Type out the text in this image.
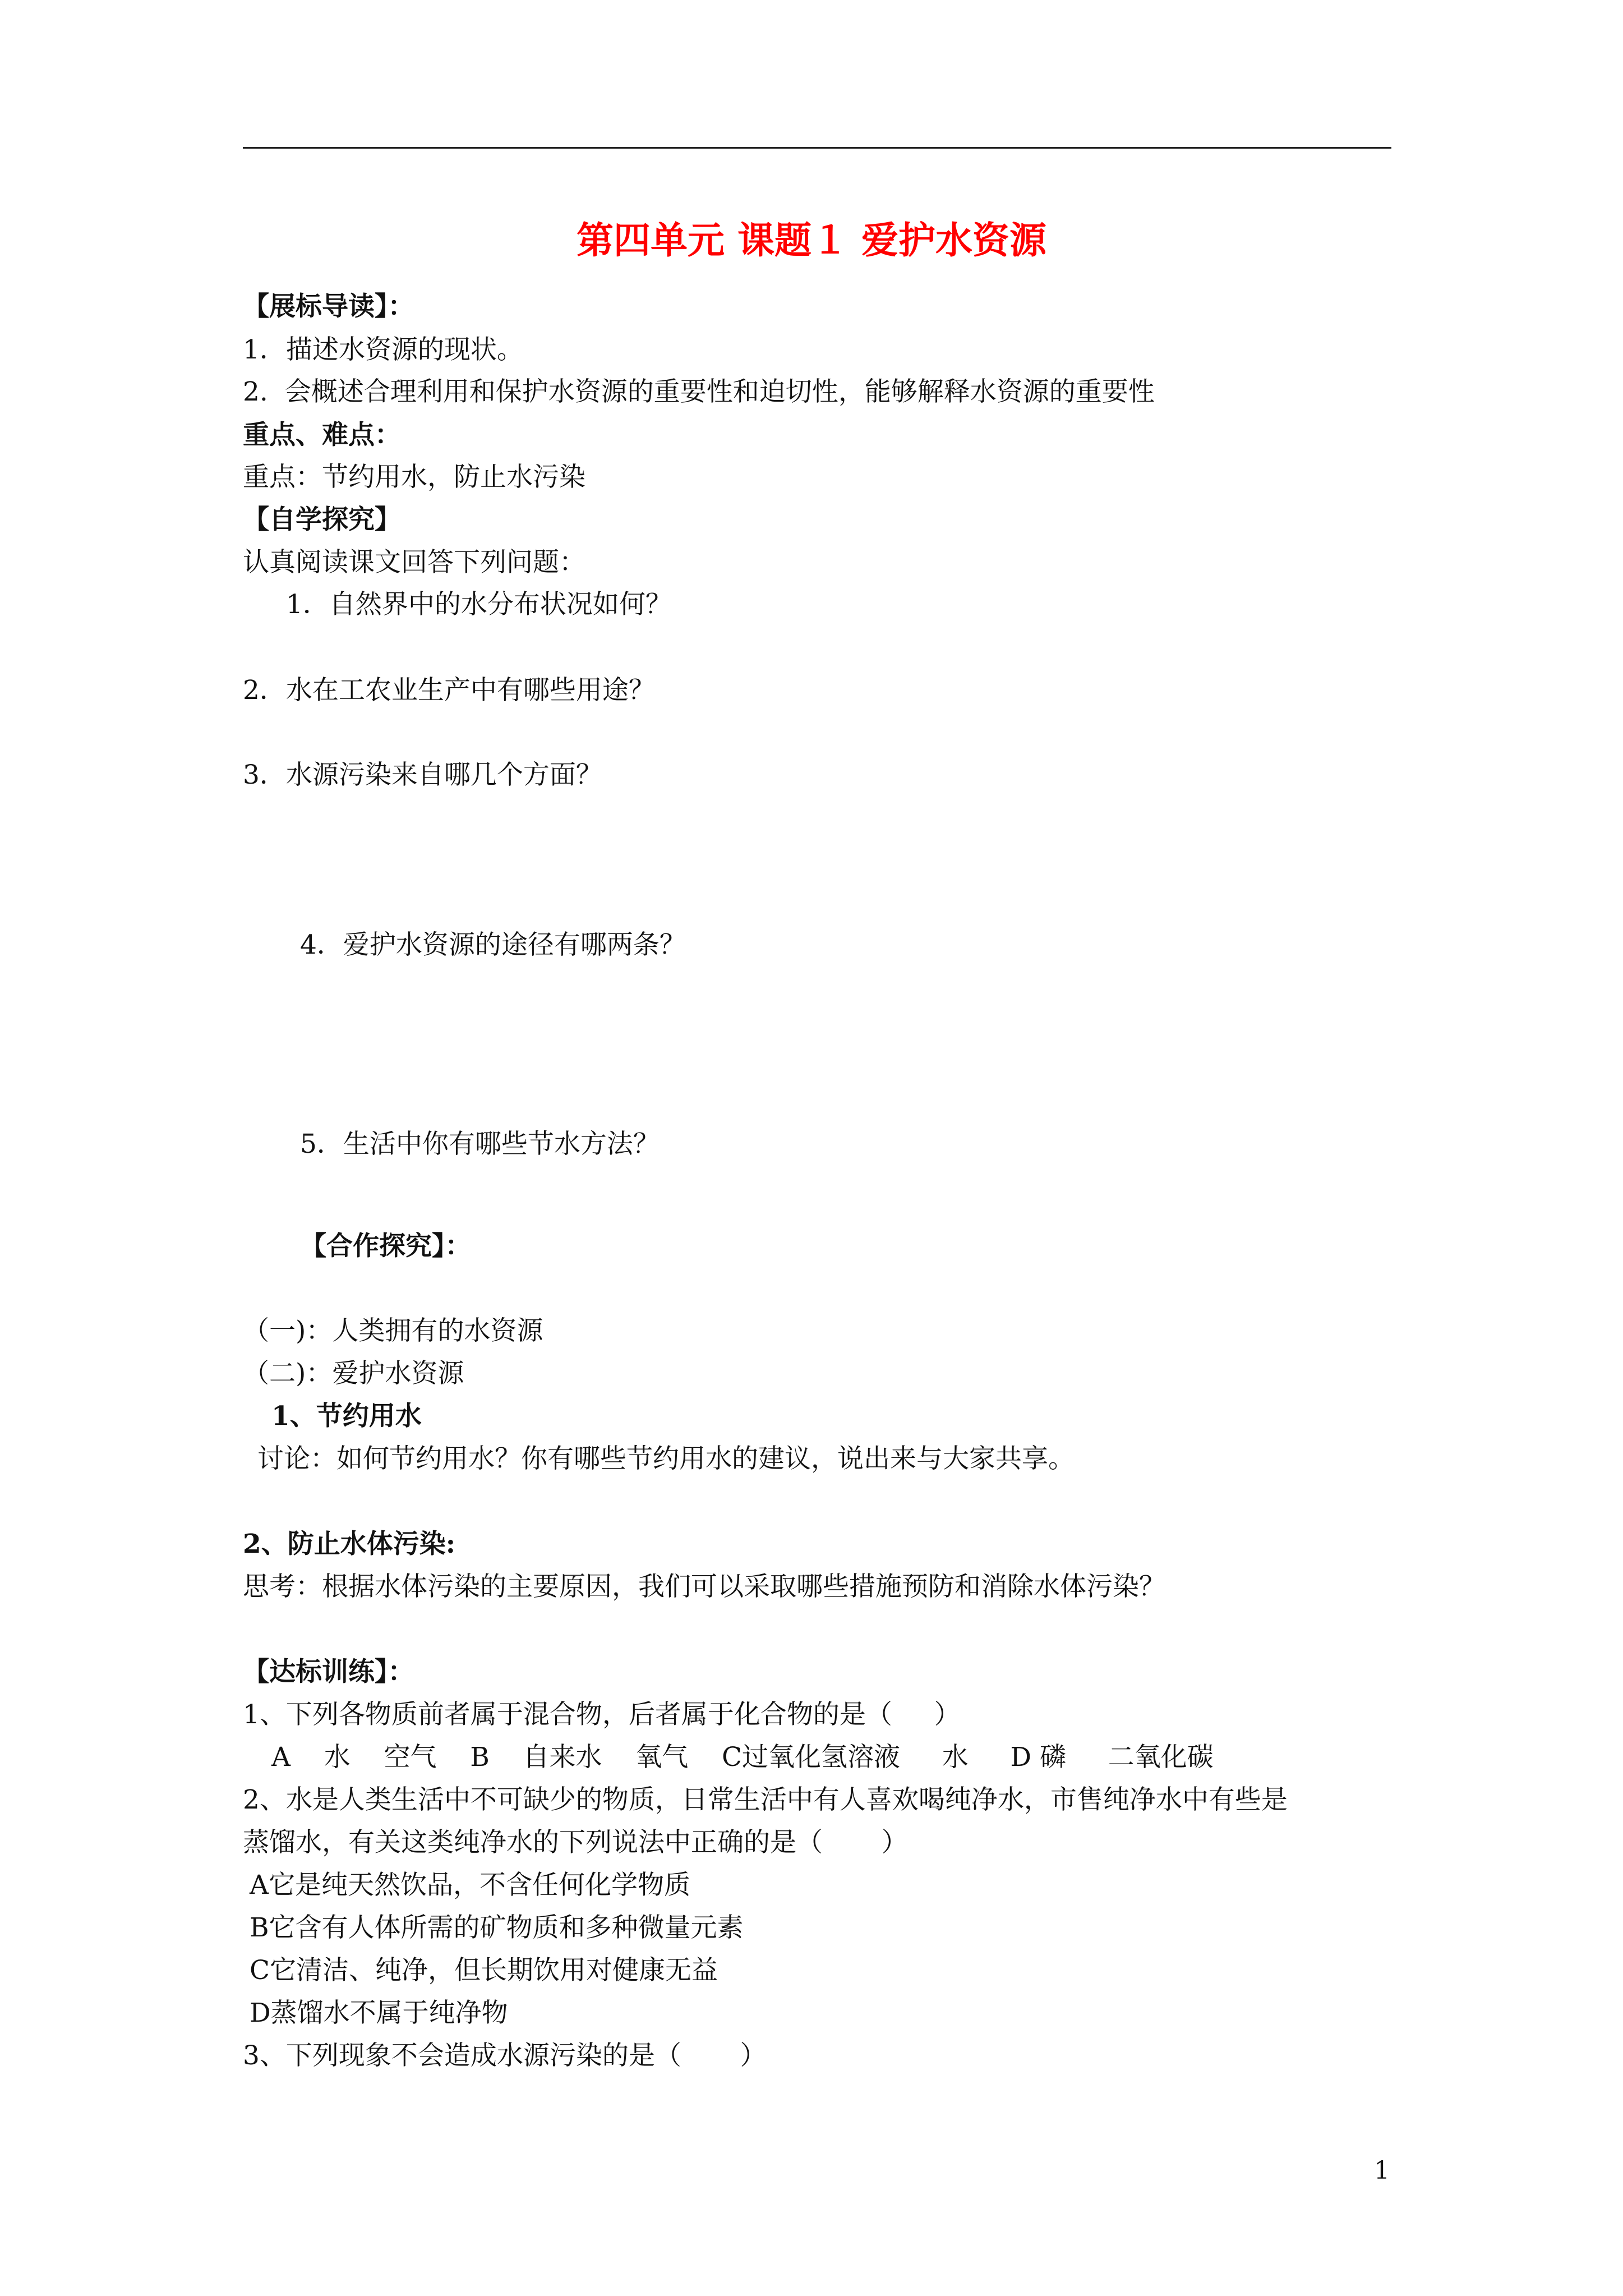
第四单元 课题１ 爱护水资源
【展标导读】：
1．描述水资源的现状。
2.  会概述合理利用和保护水资源的重要性和迫切性，能够解释水资源的重要性
重点、难点：
重点：节约用水，防止水污染
【自学探究】
认真阅读课文回答下列问题：
1．自然界中的水分布状况如何？
2．水在工农业生产中有哪些用途？
3．水源污染来自哪几个方面？
4．爱护水资源的途径有哪两条？
5．生活中你有哪些节水方法？
【合作探究】：
（一)：人类拥有的水资源
（二)：爱护水资源
1、节约用水
讨论：如何节约用水？你有哪些节约用水的建议，说出来与大家共享。
2、防止水体污染:
思考：根据水体污染的主要原因，我们可以采取哪些措施预防和消除水体污染？
【达标训练】：
1、下列各物质前者属于混合物，后者属于化合物的是（     ）
A    水    空气    B    自来水    氧气    C过氧化氢溶液     水     D 磷     二氧化碳
2、水是人类生活中不可缺少的物质，日常生活中有人喜欢喝纯净水，市售纯净水中有些是
蒸馏水，有关这类纯净水的下列说法中正确的是（       ）
A它是纯天然饮品，不含任何化学物质
B它含有人体所需的矿物质和多种微量元素
C它清洁、纯净，但长期饮用对健康无益
D蒸馏水不属于纯净物
3、下列现象不会造成水源污染的是（       ）
1
